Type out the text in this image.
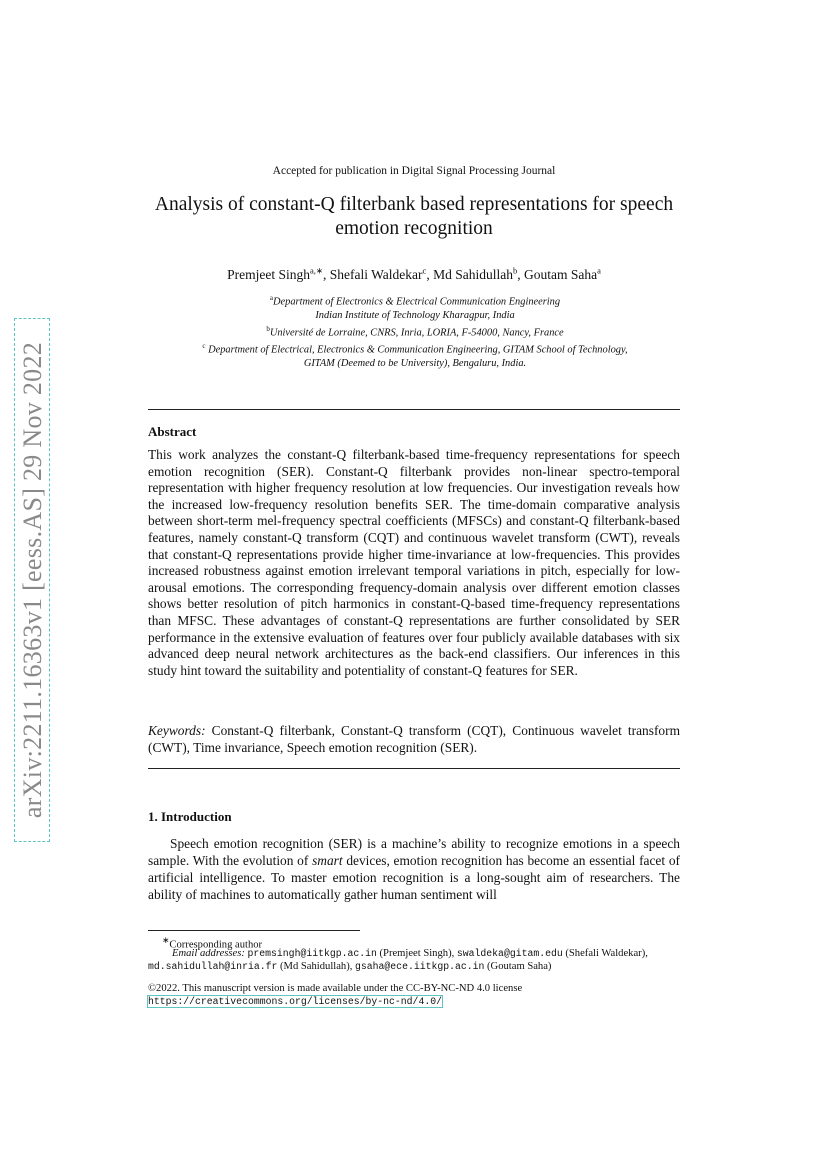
arXiv:2211.16363v1 [eess.AS] 29 Nov 2022
Accepted for publication in Digital Signal Processing Journal
Analysis of constant-Q filterbank based representations for speech emotion recognition
Premjeet Singh$^{a,∗}$, Shefali Waldekar$^c$, Md Sahidullah$^b$, Goutam Saha$^a$
$^a$Department of Electronics & Electrical Communication Engineering
Indian Institute of Technology Kharagpur, India
$^b$Université de Lorraine, CNRS, Inria, LORIA, F-54000, Nancy, France
$^c$ Department of Electrical, Electronics & Communication Engineering, GITAM School of Technology,
GITAM (Deemed to be University), Bengaluru, India.
Abstract

This work analyzes the constant-Q filterbank-based time-frequency representations for speech emotion recognition (SER). Constant-Q filterbank provides non-linear spectro-temporal representation with higher frequency resolution at low frequencies. Our investigation reveals how the increased low-frequency resolution benefits SER. The time-domain comparative analysis between short-term mel-frequency spectral coefficients (MFSCs) and constant-Q filterbank-based features, namely constant-Q transform (CQT) and continuous wavelet transform (CWT), reveals that constant-Q representations provide higher time-invariance at low-frequencies. This provides increased robustness against emotion irrelevant temporal variations in pitch, especially for low-arousal emotions. The corresponding frequency-domain analysis over different emotion classes shows better resolution of pitch harmonics in constant-Q-based time-frequency representations than MFSC. These advantages of constant-Q representations are further consolidated by SER performance in the extensive evaluation of features over four publicly available databases with six advanced deep neural network architectures as the back-end classifiers. Our inferences in this study hint toward the suitability and potentiality of constant-Q features for SER.

Keywords: Constant-Q filterbank, Constant-Q transform (CQT), Continuous wavelet transform (CWT), Time invariance, Speech emotion recognition (SER).

1. Introduction

Speech emotion recognition (SER) is a machine’s ability to recognize emotions in a speech sample. With the evolution of smart devices, emotion recognition has become an essential facet of artificial intelligence. To master emotion recognition is a long-sought aim of researchers. The ability of machines to automatically gather human sentiment will

∗Corresponding author

Email addresses: premsingh@iitkgp.ac.in (Premjeet Singh), swaldeka@gitam.edu (Shefali Waldekar), md.sahidullah@inria.fr (Md Sahidullah), gsaha@ece.iitkgp.ac.in (Goutam Saha)

©2022. This manuscript version is made available under the CC-BY-NC-ND 4.0 license
https://creativecommons.org/licenses/by-nc-nd/4.0/
